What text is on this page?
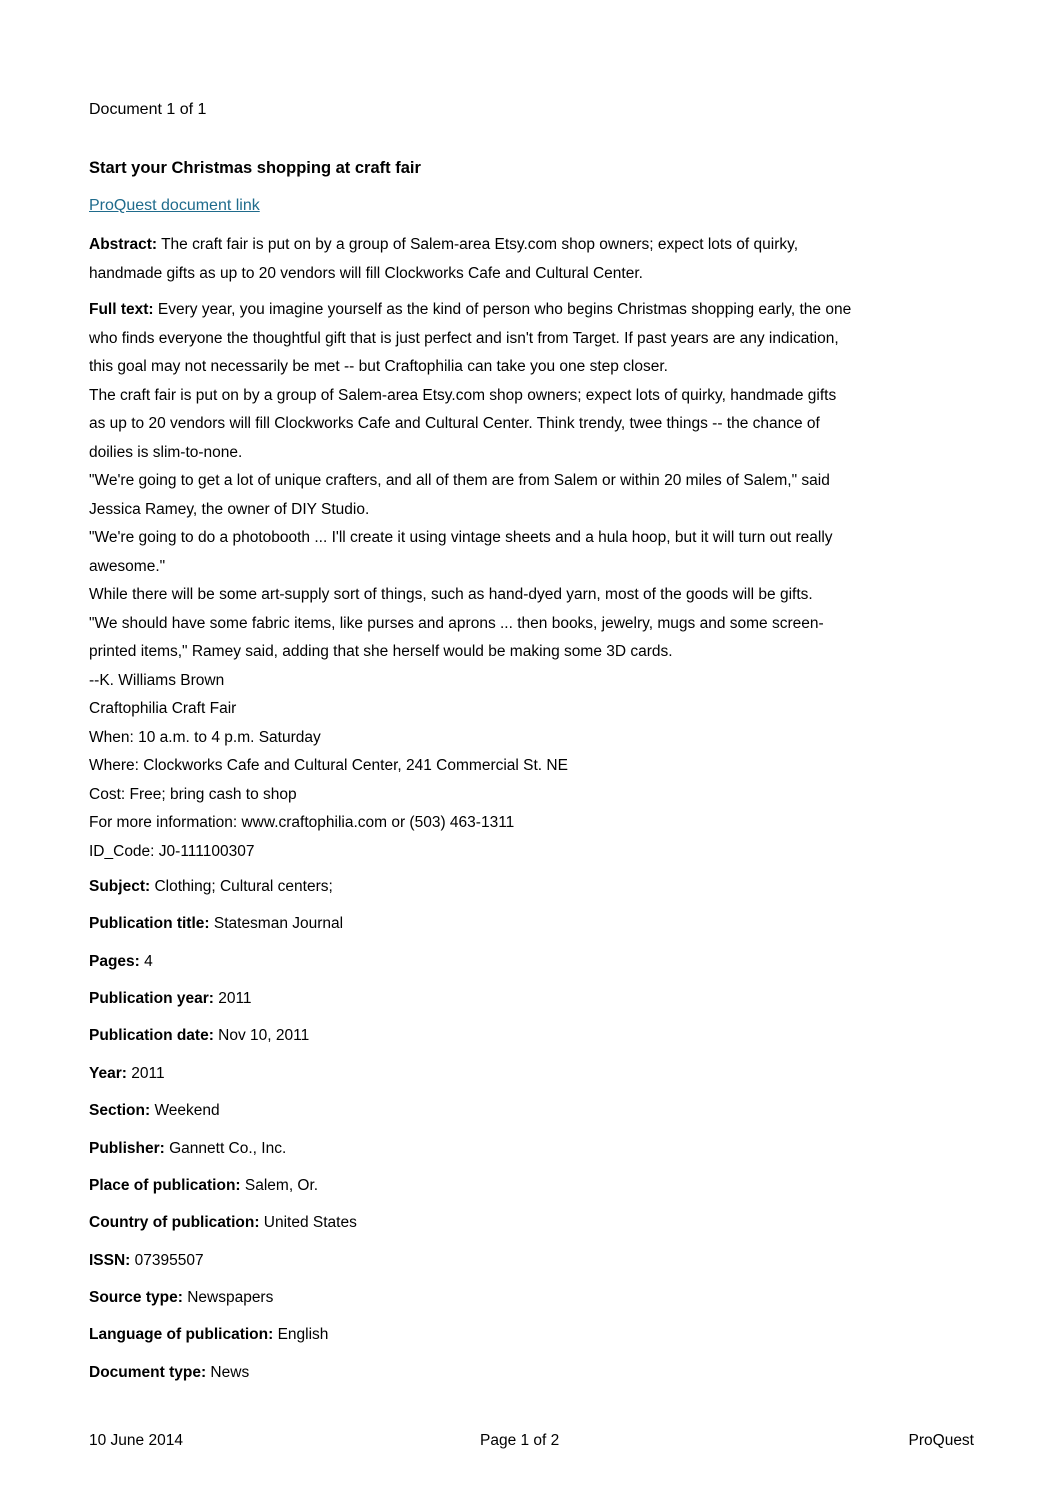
Document 1 of 1
Start your Christmas shopping at craft fair
ProQuest document link
Abstract: The craft fair is put on by a group of Salem-area Etsy.com shop owners; expect lots of quirky,
handmade gifts as up to 20 vendors will fill Clockworks Cafe and Cultural Center.
Full text: Every year, you imagine yourself as the kind of person who begins Christmas shopping early, the one
who finds everyone the thoughtful gift that is just perfect and isn't from Target. If past years are any indication,
this goal may not necessarily be met -- but Craftophilia can take you one step closer.
The craft fair is put on by a group of Salem-area Etsy.com shop owners; expect lots of quirky, handmade gifts
as up to 20 vendors will fill Clockworks Cafe and Cultural Center. Think trendy, twee things -- the chance of
doilies is slim-to-none.
"We're going to get a lot of unique crafters, and all of them are from Salem or within 20 miles of Salem," said
Jessica Ramey, the owner of DIY Studio.
"We're going to do a photobooth ... I'll create it using vintage sheets and a hula hoop, but it will turn out really
awesome."
While there will be some art-supply sort of things, such as hand-dyed yarn, most of the goods will be gifts.
"We should have some fabric items, like purses and aprons ... then books, jewelry, mugs and some screen-
printed items," Ramey said, adding that she herself would be making some 3D cards.
--K. Williams Brown
Craftophilia Craft Fair
When: 10 a.m. to 4 p.m. Saturday
Where: Clockworks Cafe and Cultural Center, 241 Commercial St. NE
Cost: Free; bring cash to shop
For more information: www.craftophilia.com or (503) 463-1311
ID_Code: J0-111100307
Subject: Clothing; Cultural centers;
Publication title: Statesman Journal
Pages: 4
Publication year: 2011
Publication date: Nov 10, 2011
Year: 2011
Section: Weekend
Publisher: Gannett Co., Inc.
Place of publication: Salem, Or.
Country of publication: United States
ISSN: 07395507
Source type: Newspapers
Language of publication: English
Document type: News
10 June 2014	Page 1 of 2	ProQuest
